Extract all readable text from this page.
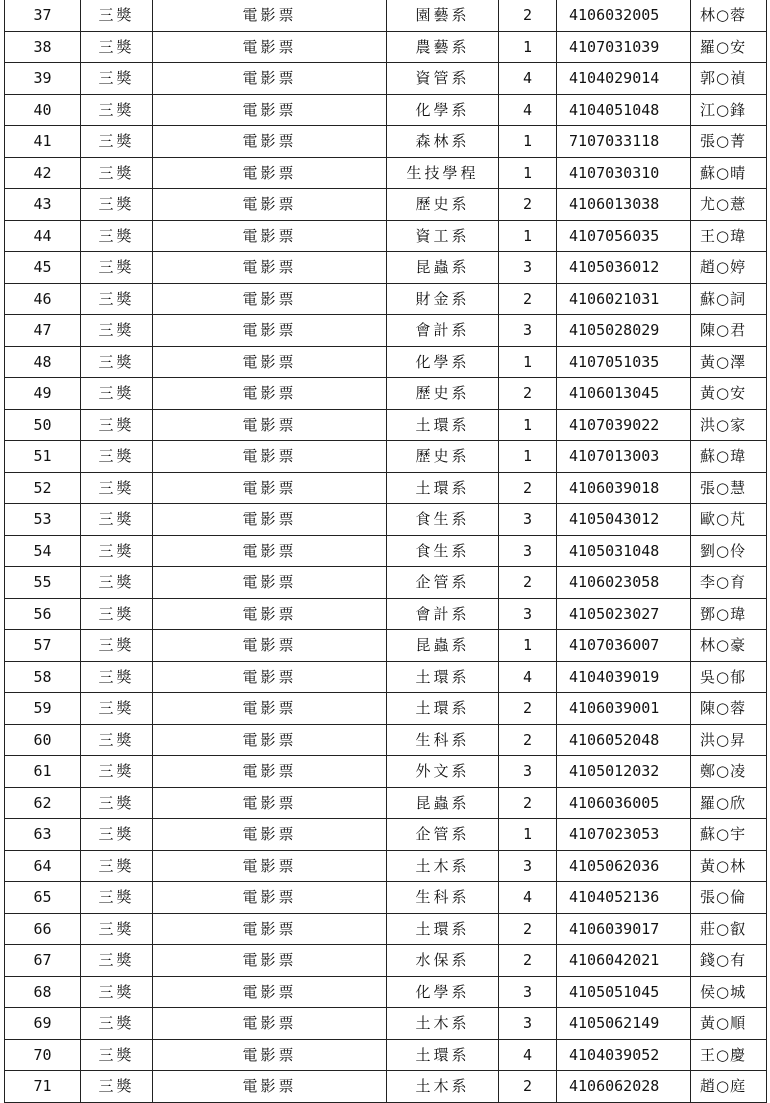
37	三獎	電影票	園藝系	2	4106032005	林○蓉
38	三獎	電影票	農藝系	1	4107031039	羅○安
39	三獎	電影票	資管系	4	4104029014	郭○禎
40	三獎	電影票	化學系	4	4104051048	江○鋒
41	三獎	電影票	森林系	1	7107033118	張○菁
42	三獎	電影票	生技學程	1	4107030310	蘇○晴
43	三獎	電影票	歷史系	2	4106013038	尤○薏
44	三獎	電影票	資工系	1	4107056035	王○瑋
45	三獎	電影票	昆蟲系	3	4105036012	趙○婷
46	三獎	電影票	財金系	2	4106021031	蘇○詞
47	三獎	電影票	會計系	3	4105028029	陳○君
48	三獎	電影票	化學系	1	4107051035	黃○澤
49	三獎	電影票	歷史系	2	4106013045	黃○安
50	三獎	電影票	土環系	1	4107039022	洪○家
51	三獎	電影票	歷史系	1	4107013003	蘇○瑋
52	三獎	電影票	土環系	2	4106039018	張○慧
53	三獎	電影票	食生系	3	4105043012	歐○芃
54	三獎	電影票	食生系	3	4105031048	劉○伶
55	三獎	電影票	企管系	2	4106023058	李○育
56	三獎	電影票	會計系	3	4105023027	鄧○瑋
57	三獎	電影票	昆蟲系	1	4107036007	林○豪
58	三獎	電影票	土環系	4	4104039019	吳○郁
59	三獎	電影票	土環系	2	4106039001	陳○蓉
60	三獎	電影票	生科系	2	4106052048	洪○昇
61	三獎	電影票	外文系	3	4105012032	鄭○凌
62	三獎	電影票	昆蟲系	2	4106036005	羅○欣
63	三獎	電影票	企管系	1	4107023053	蘇○宇
64	三獎	電影票	土木系	3	4105062036	黃○林
65	三獎	電影票	生科系	4	4104052136	張○倫
66	三獎	電影票	土環系	2	4106039017	莊○叡
67	三獎	電影票	水保系	2	4106042021	錢○有
68	三獎	電影票	化學系	3	4105051045	侯○城
69	三獎	電影票	土木系	3	4105062149	黃○順
70	三獎	電影票	土環系	4	4104039052	王○慶
71	三獎	電影票	土木系	2	4106062028	趙○庭
